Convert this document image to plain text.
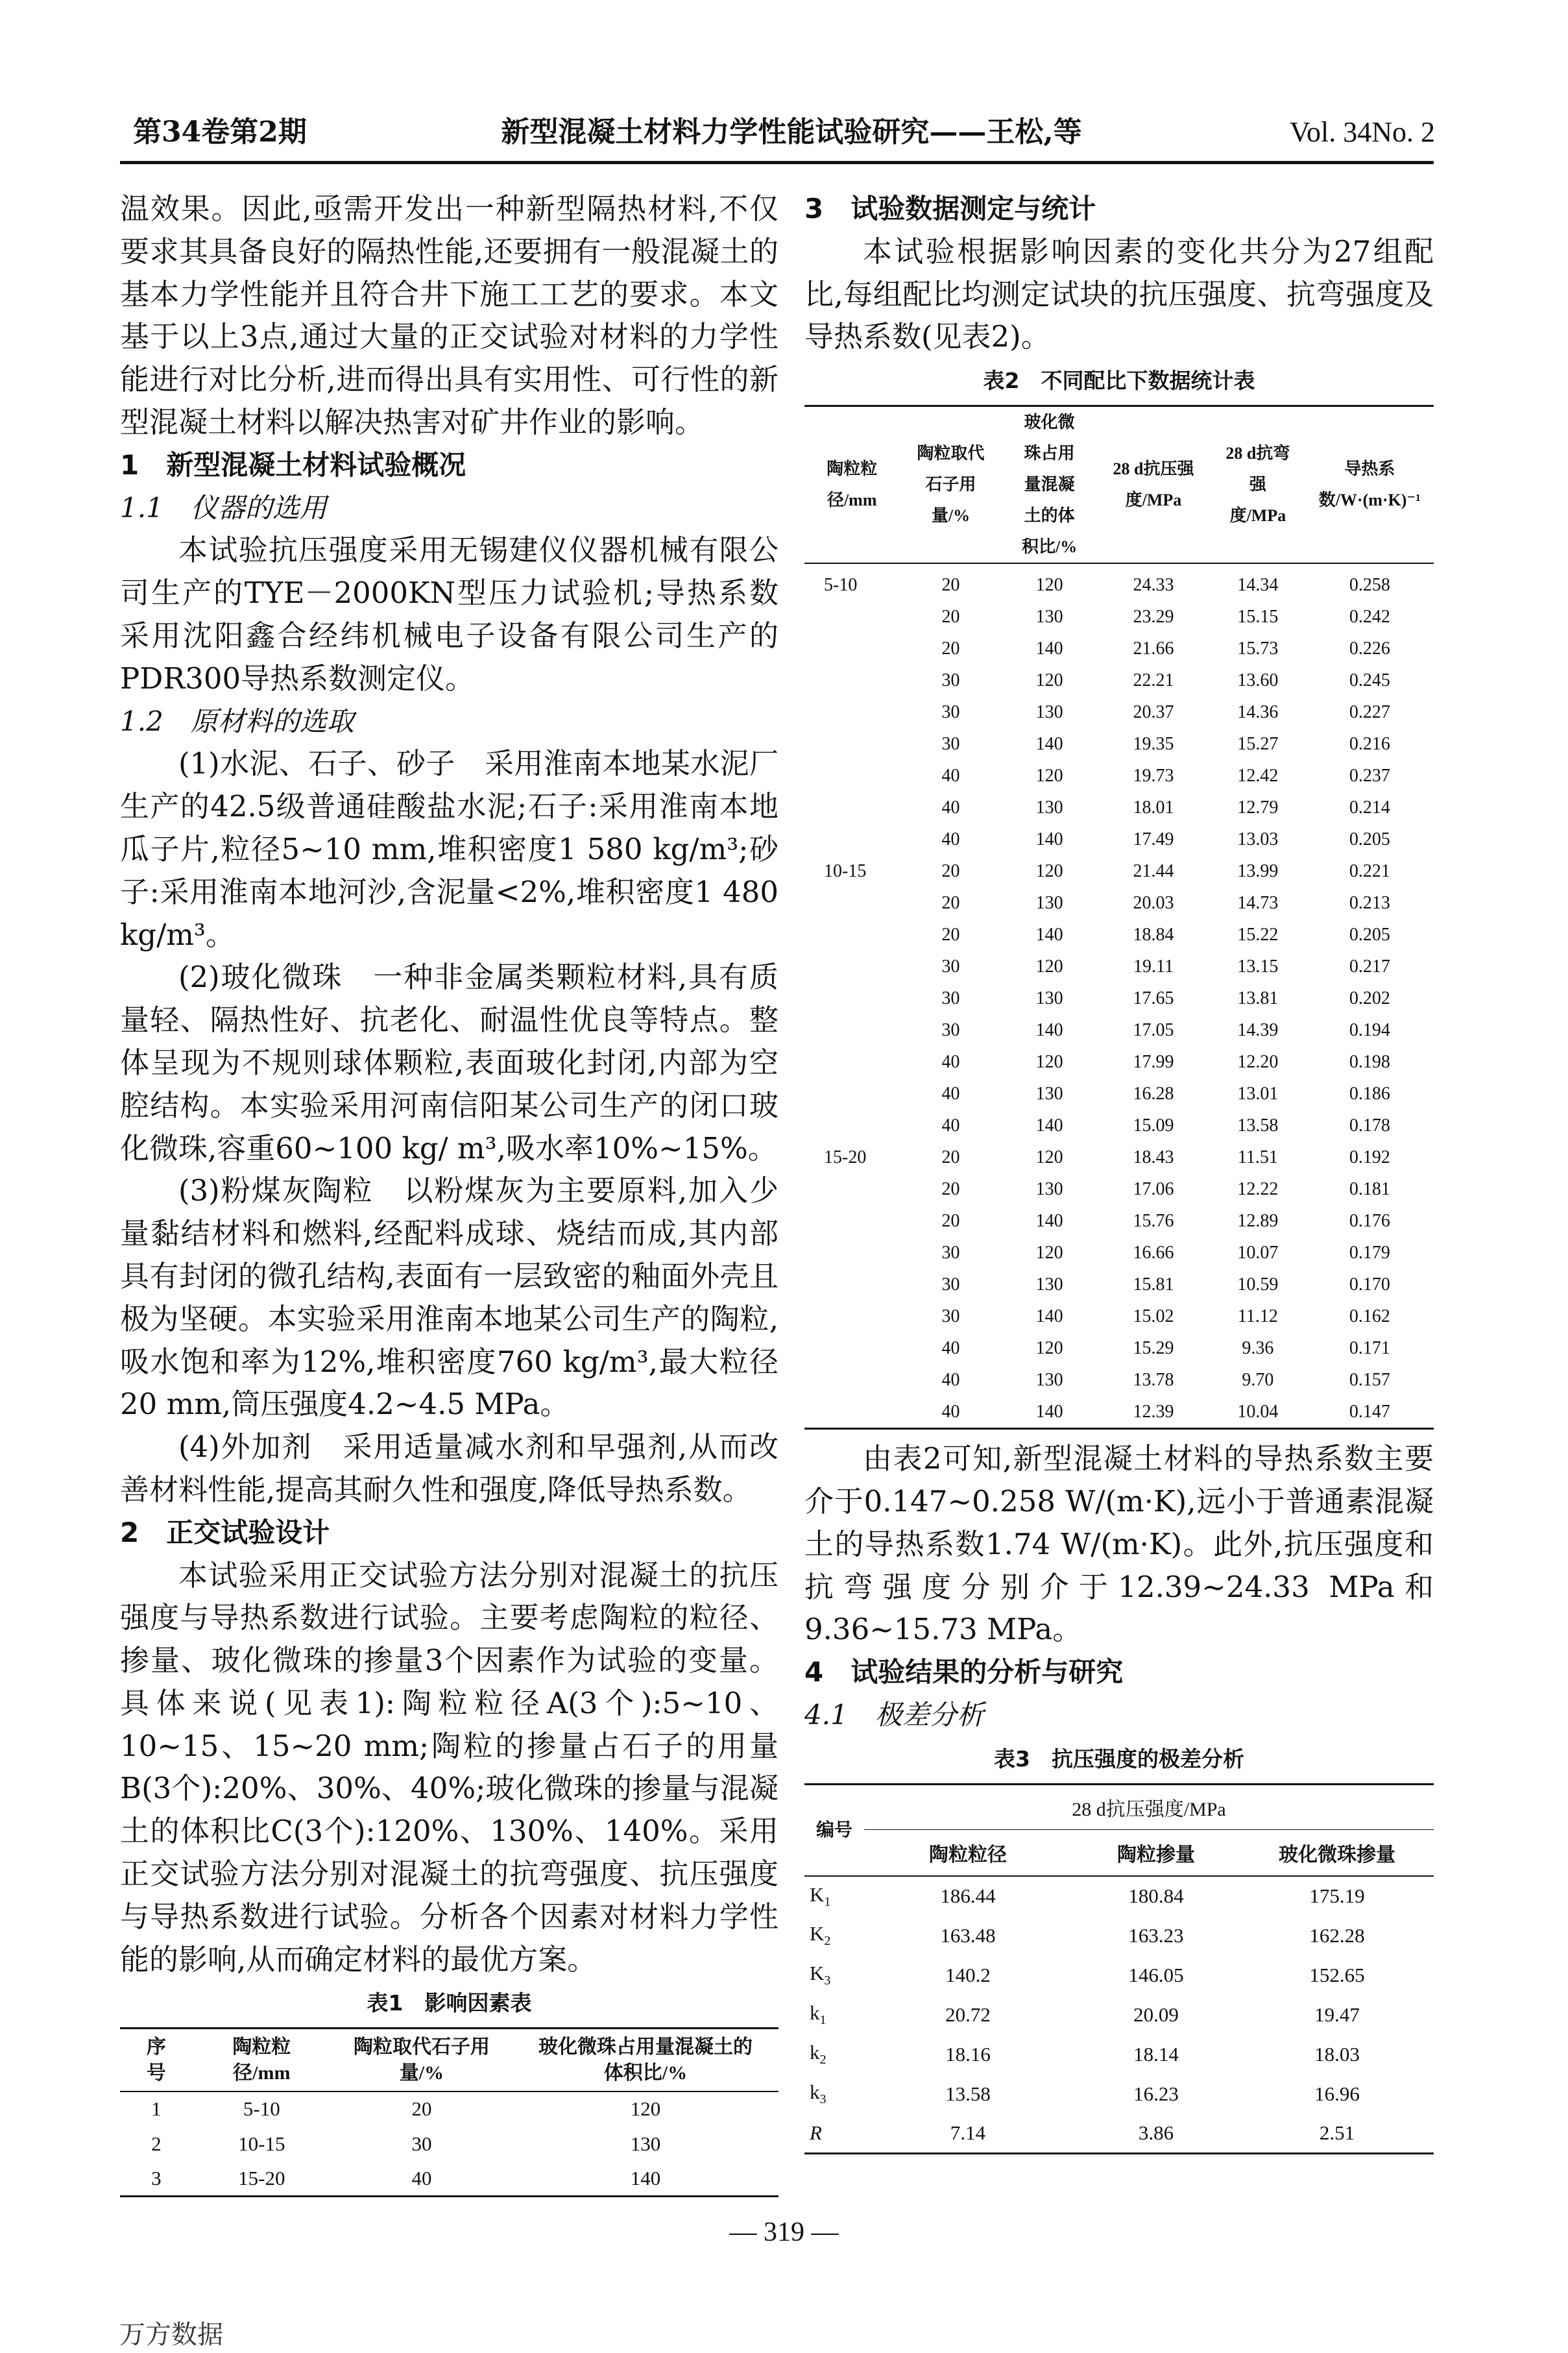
第34卷第2期	新型混凝土材料力学性能试验研究——王松,等	Vol. 34No. 2

温效果。因此,亟需开发出一种新型隔热材料,不仅要求其具备良好的隔热性能,还要拥有一般混凝土的基本力学性能并且符合井下施工工艺的要求。本文基于以上3点,通过大量的正交试验对材料的力学性能进行对比分析,进而得出具有实用性、可行性的新型混凝土材料以解决热害对矿井作业的影响。

1　新型混凝土材料试验概况

1.1　仪器的选用

本试验抗压强度采用无锡建仪仪器机械有限公司生产的TYE－2000KN型压力试验机;导热系数采用沈阳鑫合经纬机械电子设备有限公司生产的PDR300导热系数测定仪。

1.2　原材料的选取

(1)水泥、石子、砂子　采用淮南本地某水泥厂生产的42.5级普通硅酸盐水泥;石子:采用淮南本地瓜子片,粒径5~10 mm,堆积密度1 580 kg/m³;砂子:采用淮南本地河沙,含泥量<2%,堆积密度1 480 kg/m³。

(2)玻化微珠　一种非金属类颗粒材料,具有质量轻、隔热性好、抗老化、耐温性优良等特点。整体呈现为不规则球体颗粒,表面玻化封闭,内部为空腔结构。本实验采用河南信阳某公司生产的闭口玻化微珠,容重60~100 kg/ m³,吸水率10%~15%。

(3)粉煤灰陶粒　以粉煤灰为主要原料,加入少量黏结材料和燃料,经配料成球、烧结而成,其内部具有封闭的微孔结构,表面有一层致密的釉面外壳且极为坚硬。本实验采用淮南本地某公司生产的陶粒,吸水饱和率为12%,堆积密度760 kg/m³,最大粒径20 mm,筒压强度4.2~4.5 MPa。

(4)外加剂　采用适量减水剂和早强剂,从而改善材料性能,提高其耐久性和强度,降低导热系数。

2　正交试验设计

本试验采用正交试验方法分别对混凝土的抗压强度与导热系数进行试验。主要考虑陶粒的粒径、掺量、玻化微珠的掺量3个因素作为试验的变量。具体来说(见表1):陶粒粒径A(3个):5~10、10~15、15~20 mm;陶粒的掺量占石子的用量B(3个):20%、30%、40%;玻化微珠的掺量与混凝土的体积比C(3个):120%、130%、140%。采用正交试验方法分别对混凝土的抗弯强度、抗压强度与导热系数进行试验。分析各个因素对材料力学性能的影响,从而确定材料的最优方案。

表1　影响因素表
序号	陶粒粒径/mm	陶粒取代石子用量/%	玻化微珠占用量混凝土的体积比/%
1	5-10	20	120
2	10-15	30	130
3	15-20	40	140

3　试验数据测定与统计

本试验根据影响因素的变化共分为27组配比,每组配比均测定试块的抗压强度、抗弯强度及导热系数(见表2)。

表2　不同配比下数据统计表
陶粒粒径/mm	陶粒取代石子用量/%	玻化微珠占用量混凝土的体积比/%	28 d抗压强度/MPa	28 d抗弯强度/MPa	导热系数/W·(m·K)⁻¹
5-10	20	120	24.33	14.34	0.258
	20	130	23.29	15.15	0.242
	20	140	21.66	15.73	0.226
	30	120	22.21	13.60	0.245
	30	130	20.37	14.36	0.227
	30	140	19.35	15.27	0.216
	40	120	19.73	12.42	0.237
	40	130	18.01	12.79	0.214
	40	140	17.49	13.03	0.205
10-15	20	120	21.44	13.99	0.221
	20	130	20.03	14.73	0.213
	20	140	18.84	15.22	0.205
	30	120	19.11	13.15	0.217
	30	130	17.65	13.81	0.202
	30	140	17.05	14.39	0.194
	40	120	17.99	12.20	0.198
	40	130	16.28	13.01	0.186
	40	140	15.09	13.58	0.178
15-20	20	120	18.43	11.51	0.192
	20	130	17.06	12.22	0.181
	20	140	15.76	12.89	0.176
	30	120	16.66	10.07	0.179
	30	130	15.81	10.59	0.170
	30	140	15.02	11.12	0.162
	40	120	15.29	9.36	0.171
	40	130	13.78	9.70	0.157
	40	140	12.39	10.04	0.147

由表2可知,新型混凝土材料的导热系数主要介于0.147~0.258 W/(m·K),远小于普通素混凝土的导热系数1.74 W/(m·K)。此外,抗压强度和抗弯强度分别介于12.39~24.33 MPa和9.36~15.73 MPa。

4　试验结果的分析与研究

4.1　极差分析

表3　抗压强度的极差分析
编号	28 d抗压强度/MPa		
	陶粒粒径	陶粒掺量	玻化微珠掺量
$K_1$	186.44	180.84	175.19
$K_2$	163.48	163.23	162.28
$K_3$	140.2	146.05	152.65
$k_1$	20.72	20.09	19.47
$k_2$	18.16	18.14	18.03
$k_3$	13.58	16.23	16.96
R	7.14	3.86	2.51
— 319 —
万方数据
